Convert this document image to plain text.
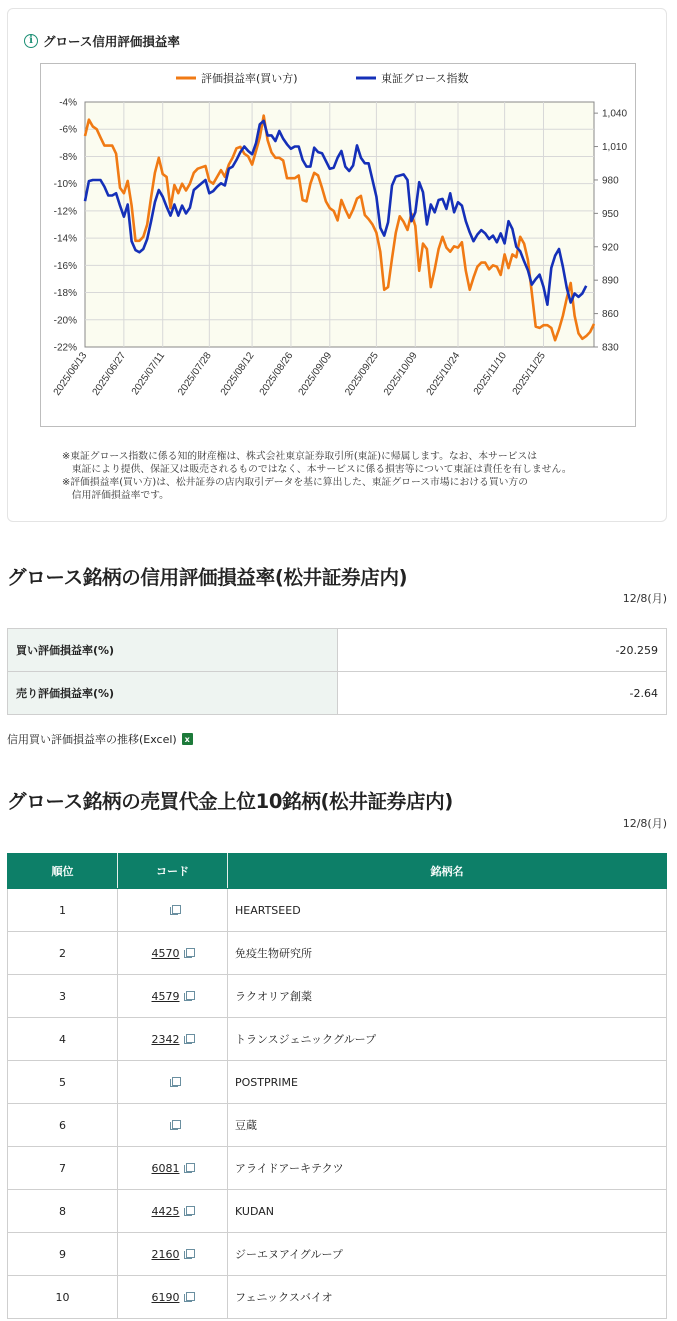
i グロース信用評価損益率
-4%
-6%
-8%
-10%
-12%
-14%
-16%
-18%
-20%
-22%
1,040
1,010
980
950
920
890
860
830
2025/06/13 2025/06/27 2025/07/11 2025/07/28 2025/08/12 2025/08/26 2025/09/09 2025/09/25 2025/10/09 2025/10/24 2025/11/10 2025/11/25
評価損益率(買い方)	東証グロース指数

※東証グロース指数に係る知的財産権は、株式会社東京証券取引所(東証)に帰属します。なお、本サービスは

　東証により提供、保証又は販売されるものではなく、本サービスに係る損害等について東証は責任を有しません。

※評価損益率(買い方)は、松井証券の店内取引データを基に算出した、東証グロース市場における買い方の

　信用評価損益率です。

グロース銘柄の信用評価損益率(松井証券店内)
12/8(月)
買い評価損益率(%)	-20.259
売り評価損益率(%)	-2.64
信用買い評価損益率の推移(Excel) x
グロース銘柄の売買代金上位10銘柄(松井証券店内)
12/8(月)
順位	コード	銘柄名
1		HEARTSEED
2	4570	免疫生物研究所
3	4579	ラクオリア創薬
4	2342	トランスジェニックグループ
5		POSTPRIME
6		豆蔵
7	6081	アライドアーキテクツ
8	4425	KUDAN
9	2160	ジーエヌアイグループ
10	6190	フェニックスバイオ
